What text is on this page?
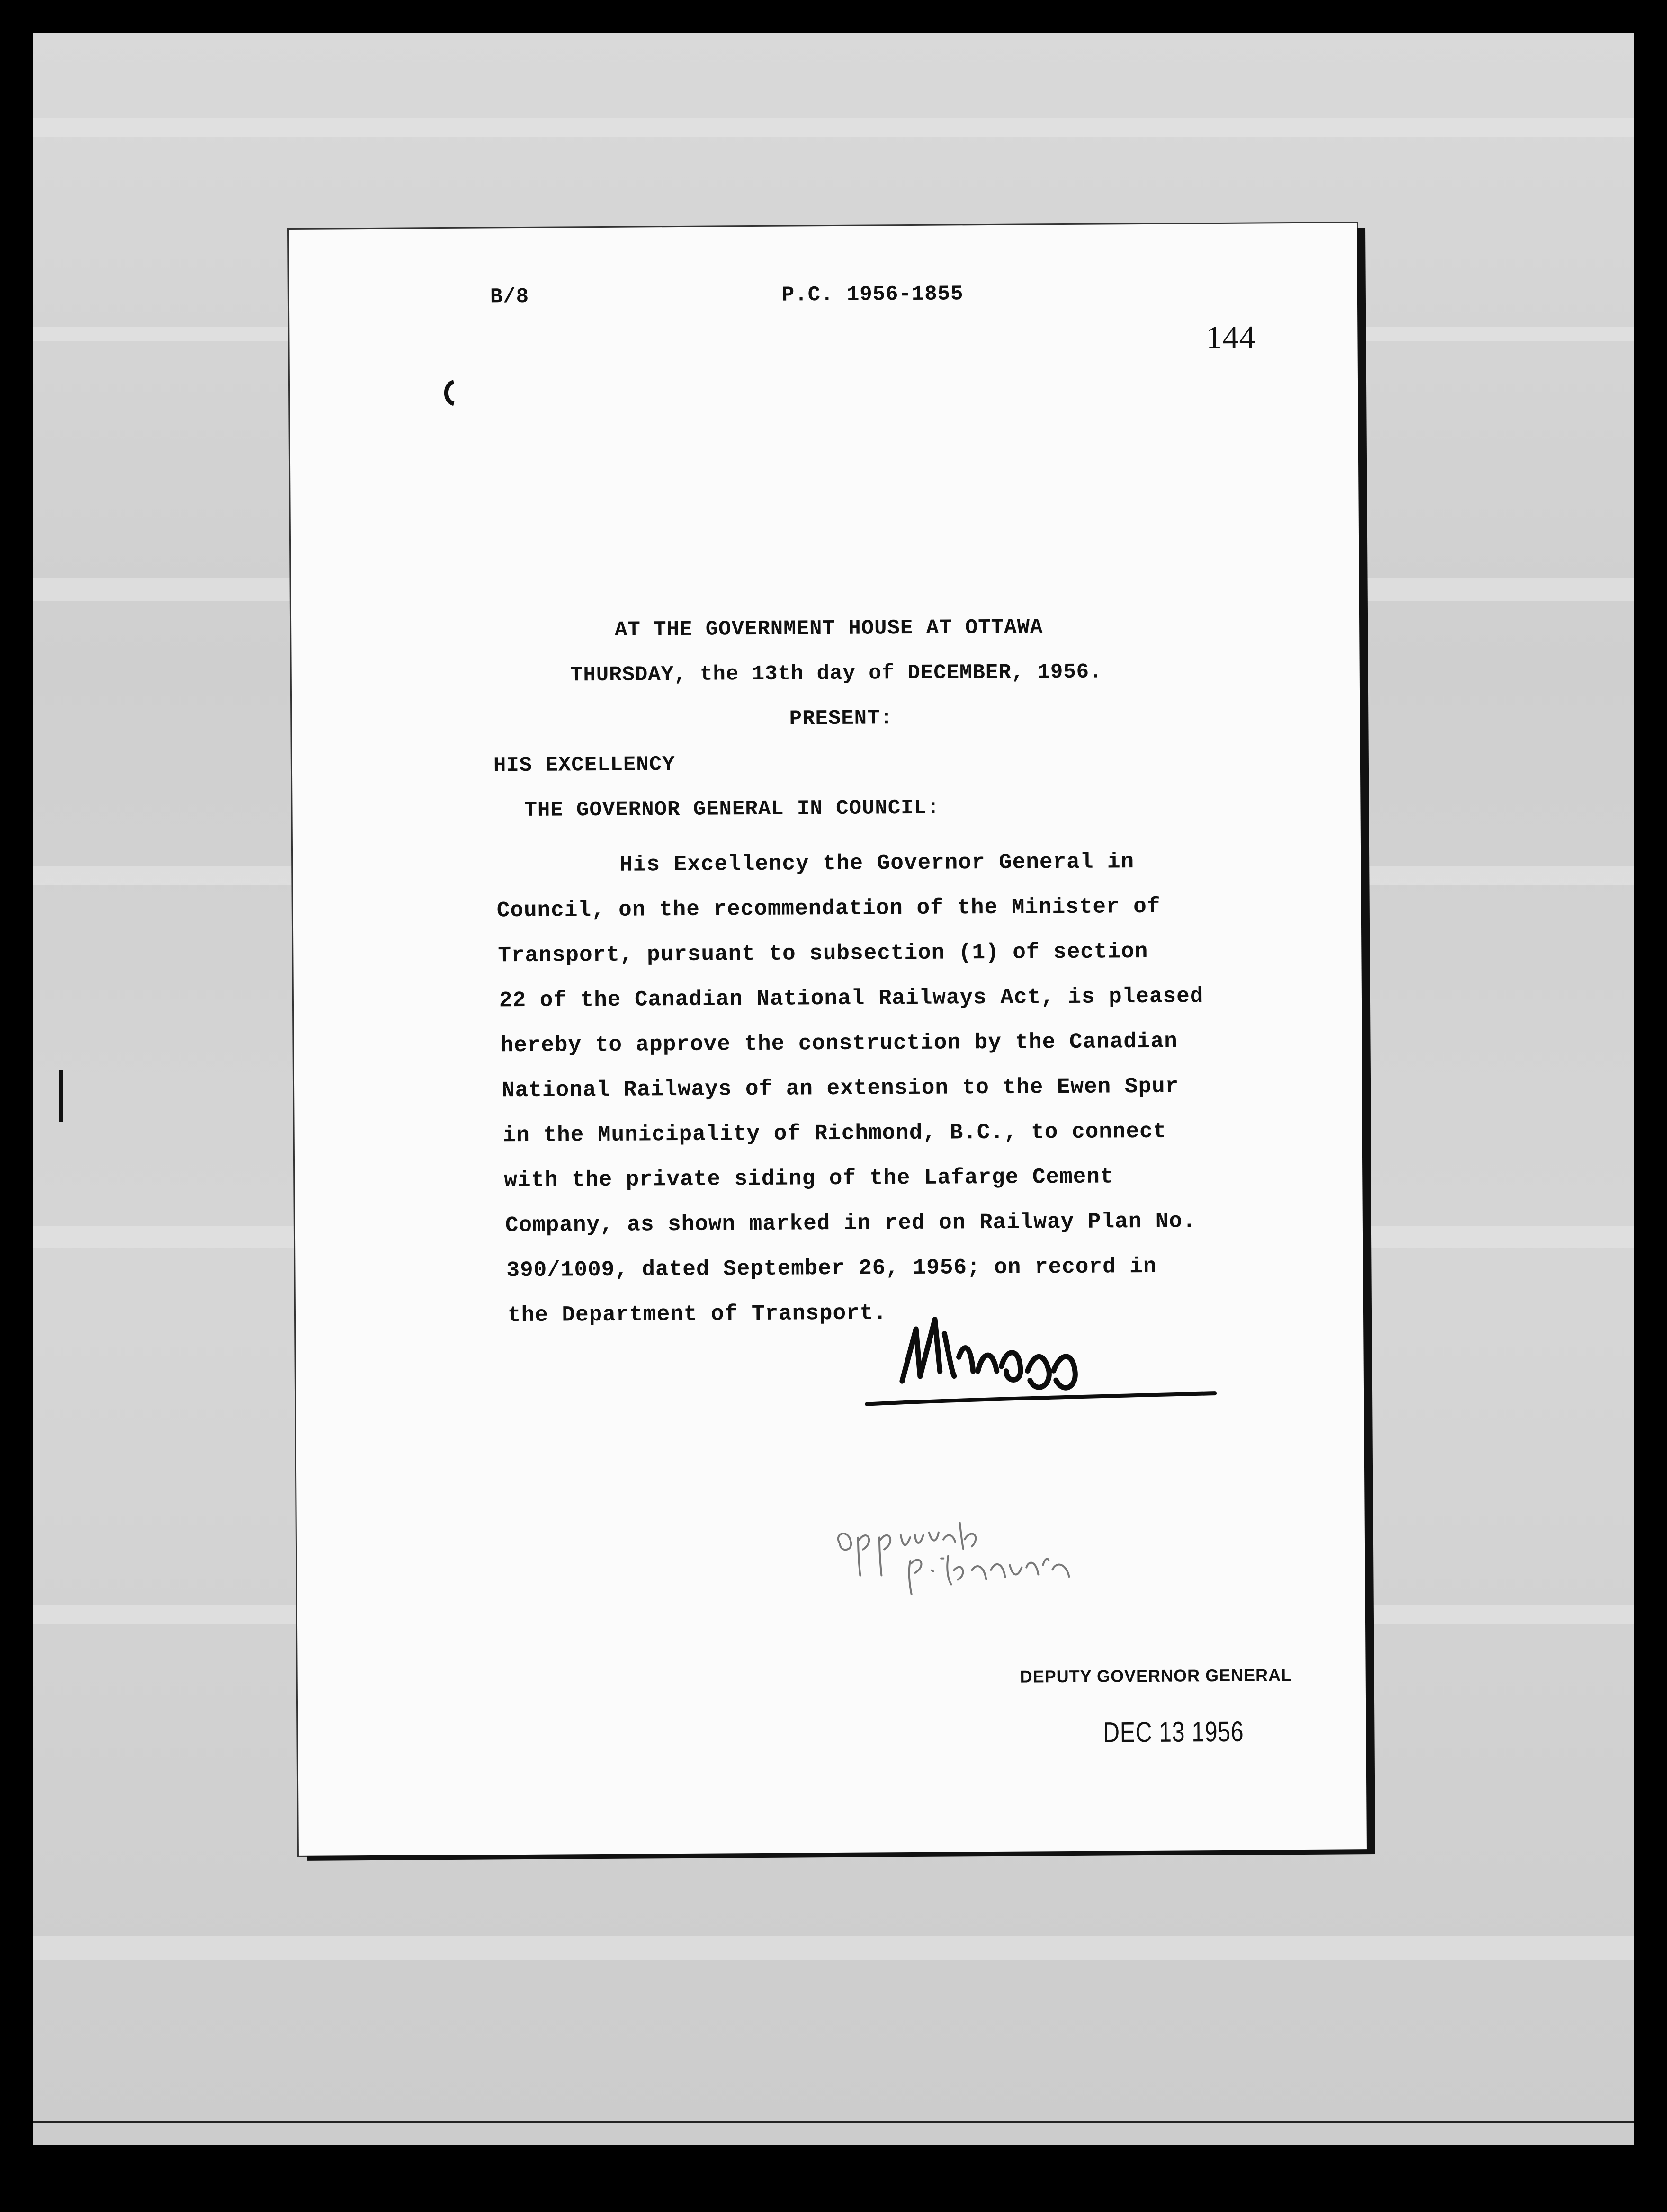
B/8	P.C. 1956-1855
144
AT THE GOVERNMENT HOUSE AT OTTAWA
THURSDAY, the 13th day of DECEMBER, 1956.
PRESENT:
HIS EXCELLENCY
THE GOVERNOR GENERAL IN COUNCIL:
His Excellency the Governor General in
Council, on the recommendation of the Minister of
Transport, pursuant to subsection (1) of section
22 of the Canadian National Railways Act, is pleased
hereby to approve the construction by the Canadian
National Railways of an extension to the Ewen Spur
in the Municipality of Richmond, B.C., to connect
with the private siding of the Lafarge Cement
Company, as shown marked in red on Railway Plan No.
390/1009, dated September 26, 1956; on record in
the Department of Transport.
DEPUTY GOVERNOR GENERAL
DEC 13 1956
